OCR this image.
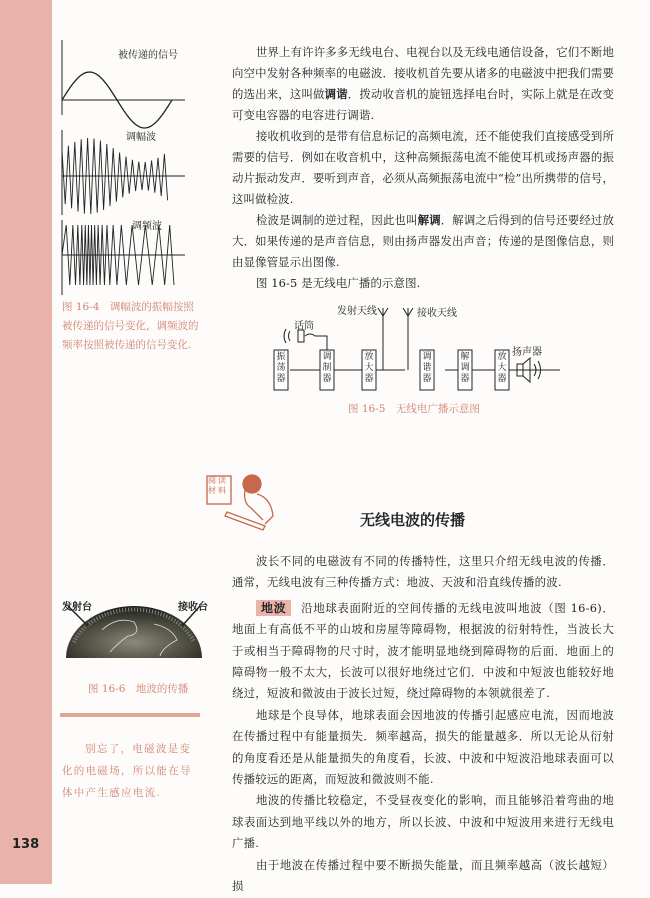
138
被传递的信号
调幅波
调频波
图 16-4　调幅波的振幅按照被传递的信号变化，调频波的频率按照被传递的信号变化.

世界上有许许多多无线电台、电视台以及无线电通信设备，它们不断地向空中发射各种频率的电磁波．接收机首先要从诸多的电磁波中把我们需要的选出来，这叫做调谐．拨动收音机的旋钮选择电台时，实际上就是在改变可变电容器的电容进行调谐.

接收机收到的是带有信息标记的高频电流，还不能使我们直接感受到所需要的信号．例如在收音机中，这种高频振荡电流不能使耳机或扬声器的振动片振动发声．要听到声音，必须从高频振荡电流中“检”出所携带的信号，这叫做检波.

检波是调制的逆过程，因此也叫解调．解调之后得到的信号还要经过放大．如果传递的是声音信息，则由扬声器发出声音；传递的是图像信息，则由显像管显示出图像.

图 16-5 是无线电广播的示意图.

振荡器
调制器
放大器
调谐器
解调器
放大器
发射天线	接收天线
话筒
扬声器
图 16-5　无线电广播示意图
阅 读
材 料
无线电波的传播

波长不同的电磁波有不同的传播特性，这里只介绍无线电波的传播．通常，无线电波有三种传播方式：地波、天波和沿直线传播的波.

地波 沿地球表面附近的空间传播的无线电波叫地波（图 16-6)．地面上有高低不平的山坡和房屋等障碍物，根据波的衍射特性，当波长大于或相当于障碍物的尺寸时，波才能明显地绕到障碍物的后面．地面上的障碍物一般不太大，长波可以很好地绕过它们．中波和中短波也能较好地绕过，短波和微波由于波长过短，绕过障碍物的本领就很差了.

地球是个良导体，地球表面会因地波的传播引起感应电流，因而地波在传播过程中有能量损失．频率越高，损失的能量越多．所以无论从衍射的角度看还是从能量损失的角度看，长波、中波和中短波沿地球表面可以传播较远的距离，而短波和微波则不能.

地波的传播比较稳定，不受昼夜变化的影响，而且能够沿着弯曲的地球表面达到地平线以外的地方，所以长波、中波和中短波用来进行无线电广播.

由于地波在传播过程中要不断损失能量，而且频率越高（波长越短）损

发射台	接收台
图 16-6　地波的传播
别忘了，电磁波是变化的电磁场，所以能在导体中产生感应电流.
